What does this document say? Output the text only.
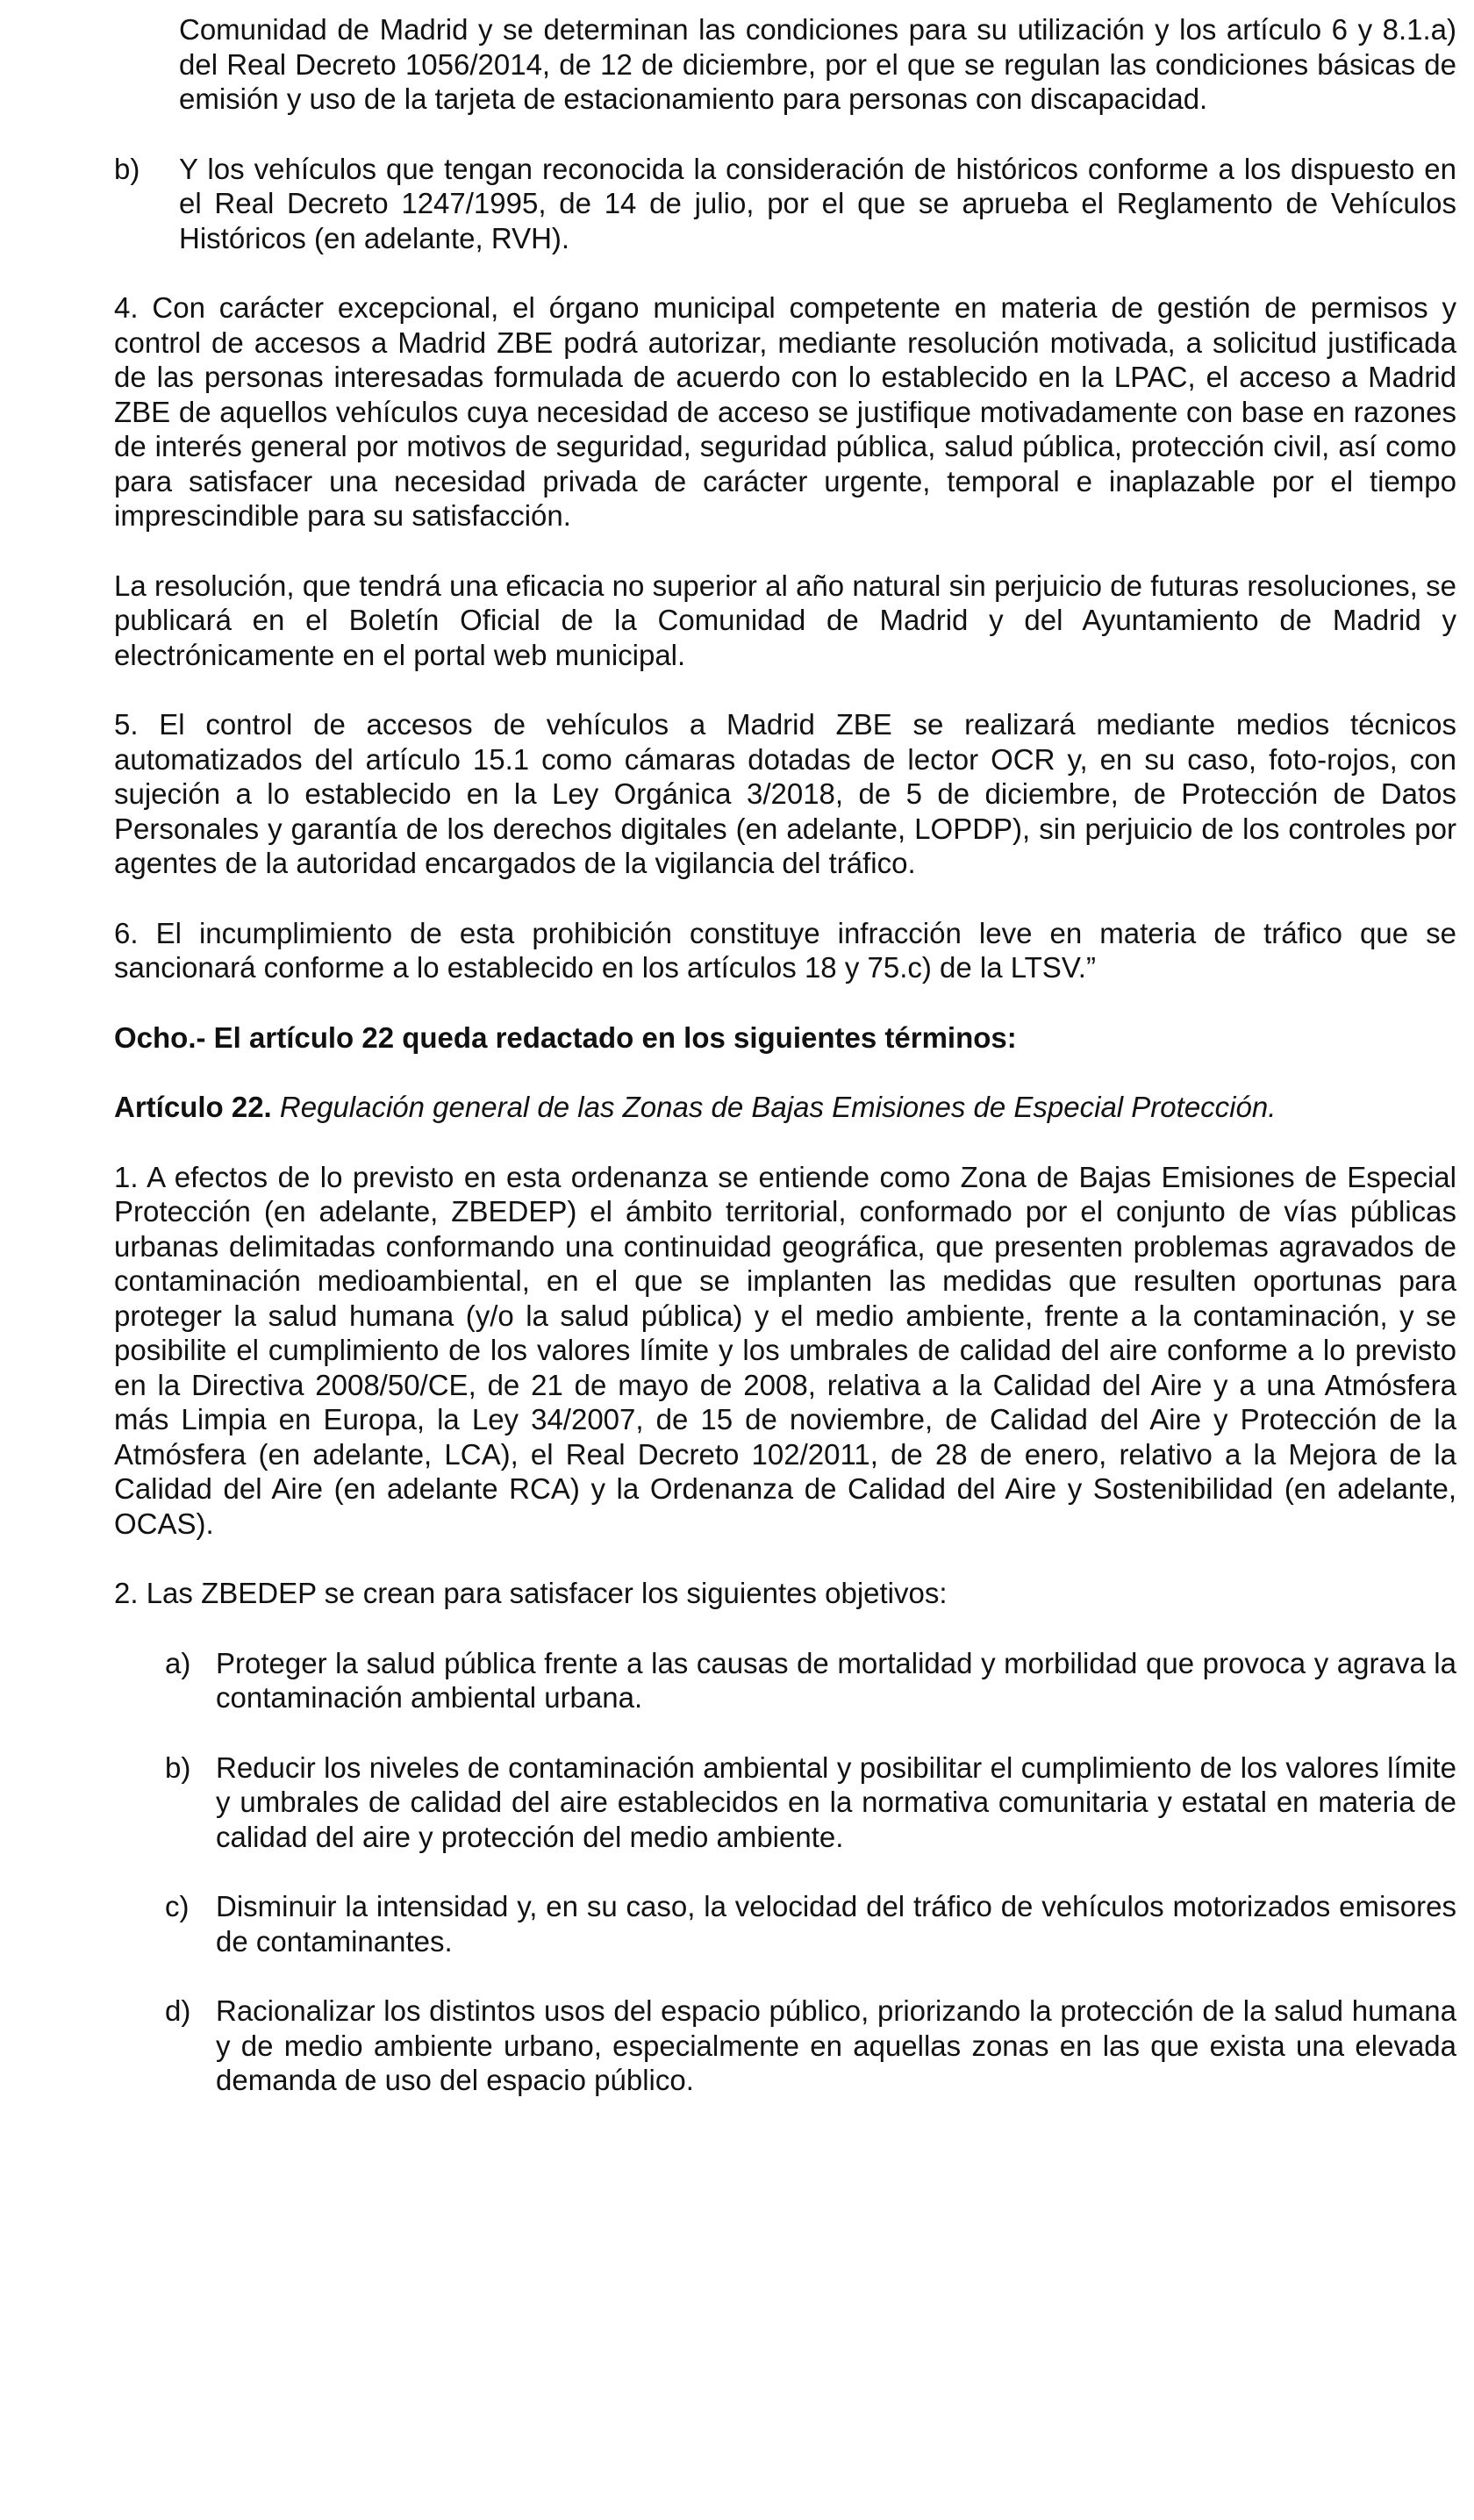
Comunidad de Madrid y se determinan las condiciones para su utilización y los artículo 6 y 8.1.a) del Real Decreto 1056/2014, de 12 de diciembre, por el que se regulan las condiciones básicas de emisión y uso de la tarjeta de estacionamiento para personas con discapacidad.

b)	Y los vehículos que tengan reconocida la consideración de históricos conforme a los dispuesto en el Real Decreto 1247/1995, de 14 de julio, por el que se aprueba el Reglamento de Vehículos Históricos (en adelante, RVH).

4. Con carácter excepcional, el órgano municipal competente en materia de gestión de permisos y control de accesos a Madrid ZBE podrá autorizar, mediante resolución motivada, a solicitud justificada de las personas interesadas formulada de acuerdo con lo establecido en la LPAC, el acceso a Madrid ZBE de aquellos vehículos cuya necesidad de acceso se justifique motivadamente con base en razones de interés general por motivos de seguridad, seguridad pública, salud pública, protección civil, así como para satisfacer una necesidad privada de carácter urgente, temporal e inaplazable por el tiempo imprescindible para su satisfacción.

La resolución, que tendrá una eficacia no superior al año natural sin perjuicio de futuras resoluciones, se publicará en el Boletín Oficial de la Comunidad de Madrid y del Ayuntamiento de Madrid y electrónicamente en el portal web municipal.

5. El control de accesos de vehículos a Madrid ZBE se realizará mediante medios técnicos automatizados del artículo 15.1 como cámaras dotadas de lector OCR y, en su caso, foto-rojos, con sujeción a lo establecido en la Ley Orgánica 3/2018, de 5 de diciembre, de Protección de Datos Personales y garantía de los derechos digitales (en adelante, LOPDP), sin perjuicio de los controles por agentes de la autoridad encargados de la vigilancia del tráfico.

6. El incumplimiento de esta prohibición constituye infracción leve en materia de tráfico que se sancionará conforme a lo establecido en los artículos 18 y 75.c) de la LTSV.”

Ocho.- El artículo 22 queda redactado en los siguientes términos:

Artículo 22. Regulación general de las Zonas de Bajas Emisiones de Especial Protección.

1. A efectos de lo previsto en esta ordenanza se entiende como Zona de Bajas Emisiones de Especial Protección (en adelante, ZBEDEP) el ámbito territorial, conformado por el conjunto de vías públicas urbanas delimitadas conformando una continuidad geográfica, que presenten problemas agravados de contaminación medioambiental, en el que se implanten las medidas que resulten oportunas para proteger la salud humana (y/o la salud pública) y el medio ambiente, frente a la contaminación, y se posibilite el cumplimiento de los valores límite y los umbrales de calidad del aire conforme a lo previsto en la Directiva 2008/50/CE, de 21 de mayo de 2008, relativa a la Calidad del Aire y a una Atmósfera más Limpia en Europa, la Ley 34/2007, de 15 de noviembre, de Calidad del Aire y Protección de la Atmósfera (en adelante, LCA), el Real Decreto 102/2011, de 28 de enero, relativo a la Mejora de la Calidad del Aire (en adelante RCA) y la Ordenanza de Calidad del Aire y Sostenibilidad (en adelante, OCAS).

2. Las ZBEDEP se crean para satisfacer los siguientes objetivos:

a) Proteger la salud pública frente a las causas de mortalidad y morbilidad que provoca y agrava la contaminación ambiental urbana.
b) Reducir los niveles de contaminación ambiental y posibilitar el cumplimiento de los valores límite y umbrales de calidad del aire establecidos en la normativa comunitaria y estatal en materia de calidad del aire y protección del medio ambiente.
c) Disminuir la intensidad y, en su caso, la velocidad del tráfico de vehículos motorizados emisores de contaminantes.
d) Racionalizar los distintos usos del espacio público, priorizando la protección de la salud humana y de medio ambiente urbano, especialmente en aquellas zonas en las que exista una elevada demanda de uso del espacio público.
